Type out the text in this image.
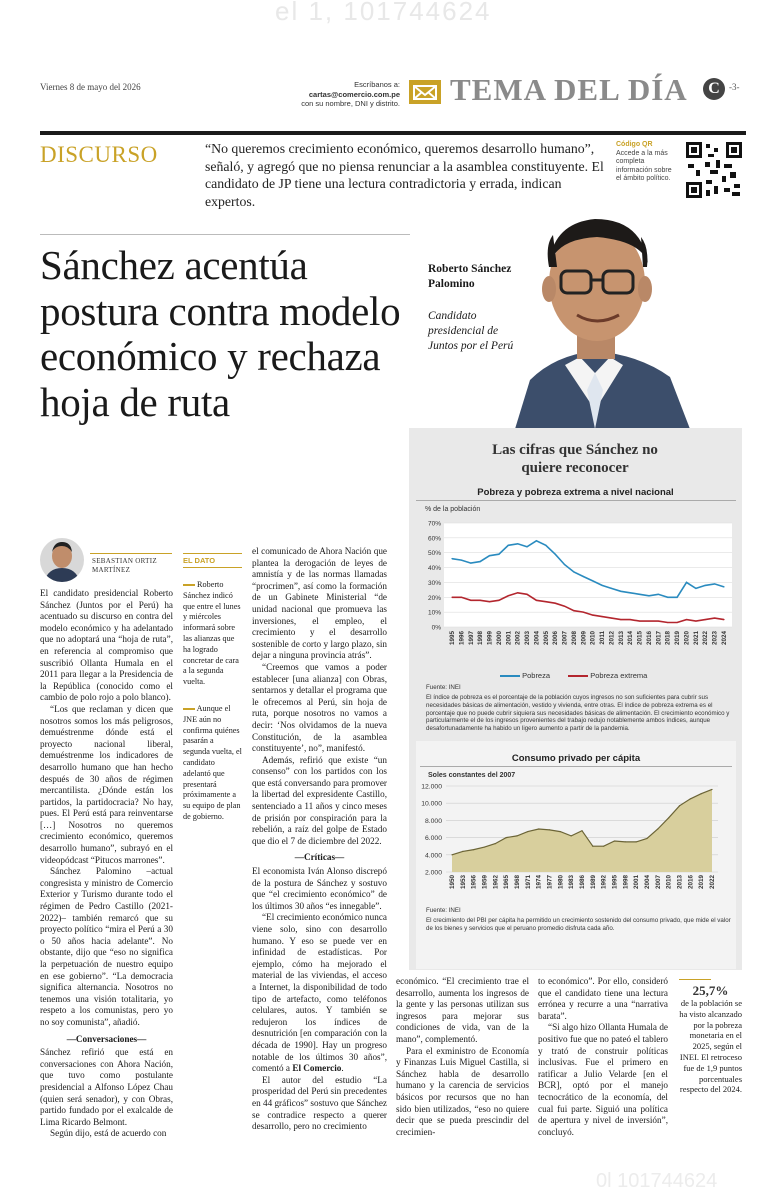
el 1, 101744624
Viernes 8 de mayo del 2026	Escríbanos a:
cartas@comercio.com.pe
con su nombre, DNI y distrito. TEMA DEL DÍA	C	-3-
DISCURSO	“No queremos crecimiento económico, queremos desarrollo humano”, señaló, y agregó que no piensa renunciar a la asamblea constituyente. El candidato de JP tiene una lectura contradictoria y errada, indican expertos.
Código QR
Accede a la más completa información sobre el ámbito político.
Sánchez acentúa postura contra modelo económico y rechaza hoja de ruta
Roberto Sánchez Palomino
Candidato presidencial de Juntos por el Perú
Las cifras que Sánchez no quiere reconocer
Pobreza y pobreza extrema a nivel nacional
% de la población
70%
60%
50%
40%
30%
20%
10%
0%
1995 1996 1997 1998 1999 2000 2001 2002 2003 2004 2005 2006 2007 2008 2009 2010 2011 2012 2013 2014 2015 2016 2017 2018 2019 2020 2021 2022 2023 2024
Pobreza	Pobreza extrema
Fuente: INEI
El índice de pobreza es el porcentaje de la población cuyos ingresos no son suficientes para cubrir sus necesidades básicas de alimentación, vestido y vivienda, entre otras. El índice de pobreza extrema es el porcentaje que no puede cubrir siquiera sus necesidades básicas de alimentación. El crecimiento económico y particularmente el de los ingresos provenientes del trabajo redujo notablemente ambos índices, aunque desafortunadamente ha habido un ligero aumento a partir de la pandemia.
Consumo privado per cápita
Soles constantes del 2007
12.000
10.000
8.000
6.000
4.000
2.000
1950 1953 1956 1959 1962 1965 1968 1971 1974 1977 1980 1983 1986 1989 1992 1995 1998 2001 2004 2007 2010 2013 2016 2019 2022
Fuente: INEI
El crecimiento del PBI per cápita ha permitido un crecimiento sostenido del consumo privado, que mide el valor de los bienes y servicios que el peruano promedio disfruta cada año.
SEBASTIAN ORTIZ MARTÍNEZ

El candidato presidencial Roberto Sánchez (Juntos por el Perú) ha acentuado su discurso en contra del modelo económico y ha adelantado que no adoptará una “hoja de ruta”, en referencia al compromiso que suscribió Ollanta Humala en el 2011 para llegar a la Presidencia de la República (conocido como el cambio de polo rojo a polo blanco).

“Los que reclaman y dicen que nosotros somos los más peligrosos, demuéstrenme dónde está el proyecto nacional liberal, demuéstrenme los indicadores de desarrollo humano que han hecho después de 30 años de régimen mercantilista. ¿Dónde están los partidos, la partidocracia? No hay, pues. El Perú está para reinventarse […] Nosotros no queremos crecimiento económico, queremos desarrollo humano”, subrayó en el videopódcast “Pitucos marrones”.

Sánchez Palomino –actual congresista y ministro de Comercio Exterior y Turismo durante todo el régimen de Pedro Castillo (2021-2022)– también remarcó que su proyecto político “mira el Perú a 30 o 50 años hacia adelante”. No obstante, dijo que “eso no significa la perpetuación de nuestro equipo en ese gobierno”. “La democracia significa alternancia. Nosotros no tenemos una visión totalitaria, yo respeto a los comunistas, pero yo no soy comunista”, añadió.

—Conversaciones—

Sánchez refirió que está en conversaciones con Ahora Nación, que tuvo como postulante presidencial a Alfonso López Chau (quien será senador), y con Obras, partido fundado por el exalcalde de Lima Ricardo Belmont.

Según dijo, está de acuerdo con

EL DATO
Roberto Sánchez indicó que entre el lunes y miércoles informará sobre las alianzas que ha logrado concretar de cara a la segunda vuelta.
Aunque el JNE aún no confirma quiénes pasarán a segunda vuelta, el candidato adelantó que presentará próximamente a su equipo de plan de gobierno.

el comunicado de Ahora Nación que plantea la derogación de leyes de amnistía y de las normas llamadas “procrimen”, así como la formación de un Gabinete Ministerial “de unidad nacional que promueva las inversiones, el empleo, el crecimiento y el desarrollo sostenible de corto y largo plazo, sin dejar a ninguna provincia atrás”.

“Creemos que vamos a poder establecer [una alianza] con Obras, sentarnos y detallar el programa que le ofrecemos al Perú, sin hoja de ruta, porque nosotros no vamos a decir: ‘Nos olvidamos de la nueva Constitución, de la asamblea constituyente’, no”, manifestó.

Además, refirió que existe “un consenso” con los partidos con los que está conversando para promover la libertad del expresidente Castillo, sentenciado a 11 años y cinco meses de prisión por conspiración para la rebelión, a raíz del golpe de Estado que dio el 7 de diciembre del 2022.

—Críticas—

El economista Iván Alonso discrepó de la postura de Sánchez y sostuvo que “el crecimiento económico” de los últimos 30 años “es innegable”.

“El crecimiento económico nunca viene solo, sino con desarrollo humano. Y eso se puede ver en infinidad de estadísticas. Por ejemplo, cómo ha mejorado el material de las viviendas, el acceso a Internet, la disponibilidad de todo tipo de artefacto, como teléfonos celulares, autos. Y también se redujeron los índices de desnutrición [en comparación con la década de 1990]. Hay un progreso notable de los últimos 30 años”, comentó a El Comercio.

El autor del estudio “La prosperidad del Perú sin precedentes en 44 gráficos” sostuvo que Sánchez se contradice respecto a querer desarrollo, pero no crecimiento

económico. “El crecimiento trae el desarrollo, aumenta los ingresos de la gente y las personas utilizan sus ingresos para mejorar sus condiciones de vida, van de la mano”, complementó.

Para el exministro de Economía y Finanzas Luis Miguel Castilla, si Sánchez habla de desarrollo humano y la carencia de servicios básicos por recursos que no han sido bien utilizados, “eso no quiere decir que se pueda prescindir del crecimien-

to económico”. Por ello, consideró que el candidato tiene una lectura errónea y recurre a una “narrativa barata”.

“Si algo hizo Ollanta Humala de positivo fue que no pateó el tablero y trató de construir políticas inclusivas. Fue el primero en ratificar a Julio Velarde [en el BCR], optó por el manejo tecnocrático de la economía, del cual fui parte. Siguió una política de apertura y nivel de inversión”, concluyó.

25,7%
de la población se ha visto alcanzado por la pobreza monetaria en el 2025, según el INEI. El retroceso fue de 1,9 puntos porcentuales respecto del 2024.
0l 101744624
